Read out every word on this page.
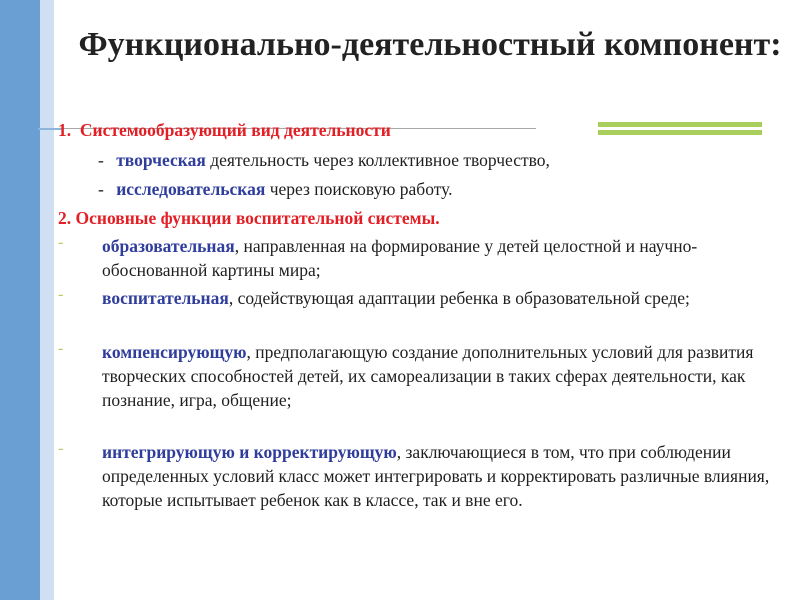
Функционально-деятельностный компонент:
1. Системообразующий вид деятельности
- творческая деятельность через коллективное творчество,
- исследовательская через поисковую работу.
2. Основные функции воспитательной системы.
- образовательная, направленная на формирование у детей целостной и научно-обоснованной картины мира;
- воспитательная, содействующая адаптации ребенка в образовательной среде;
- компенсирующую, предполагающую создание дополнительных условий для развития творческих способностей детей, их самореализации в таких сферах деятельности, как познание, игра, общение;
- интегрирующую и корректирующую, заключающиеся в том, что при соблюдении определенных условий класс может интегрировать и корректировать различные влияния, которые испытывает ребенок как в классе, так и вне его.
